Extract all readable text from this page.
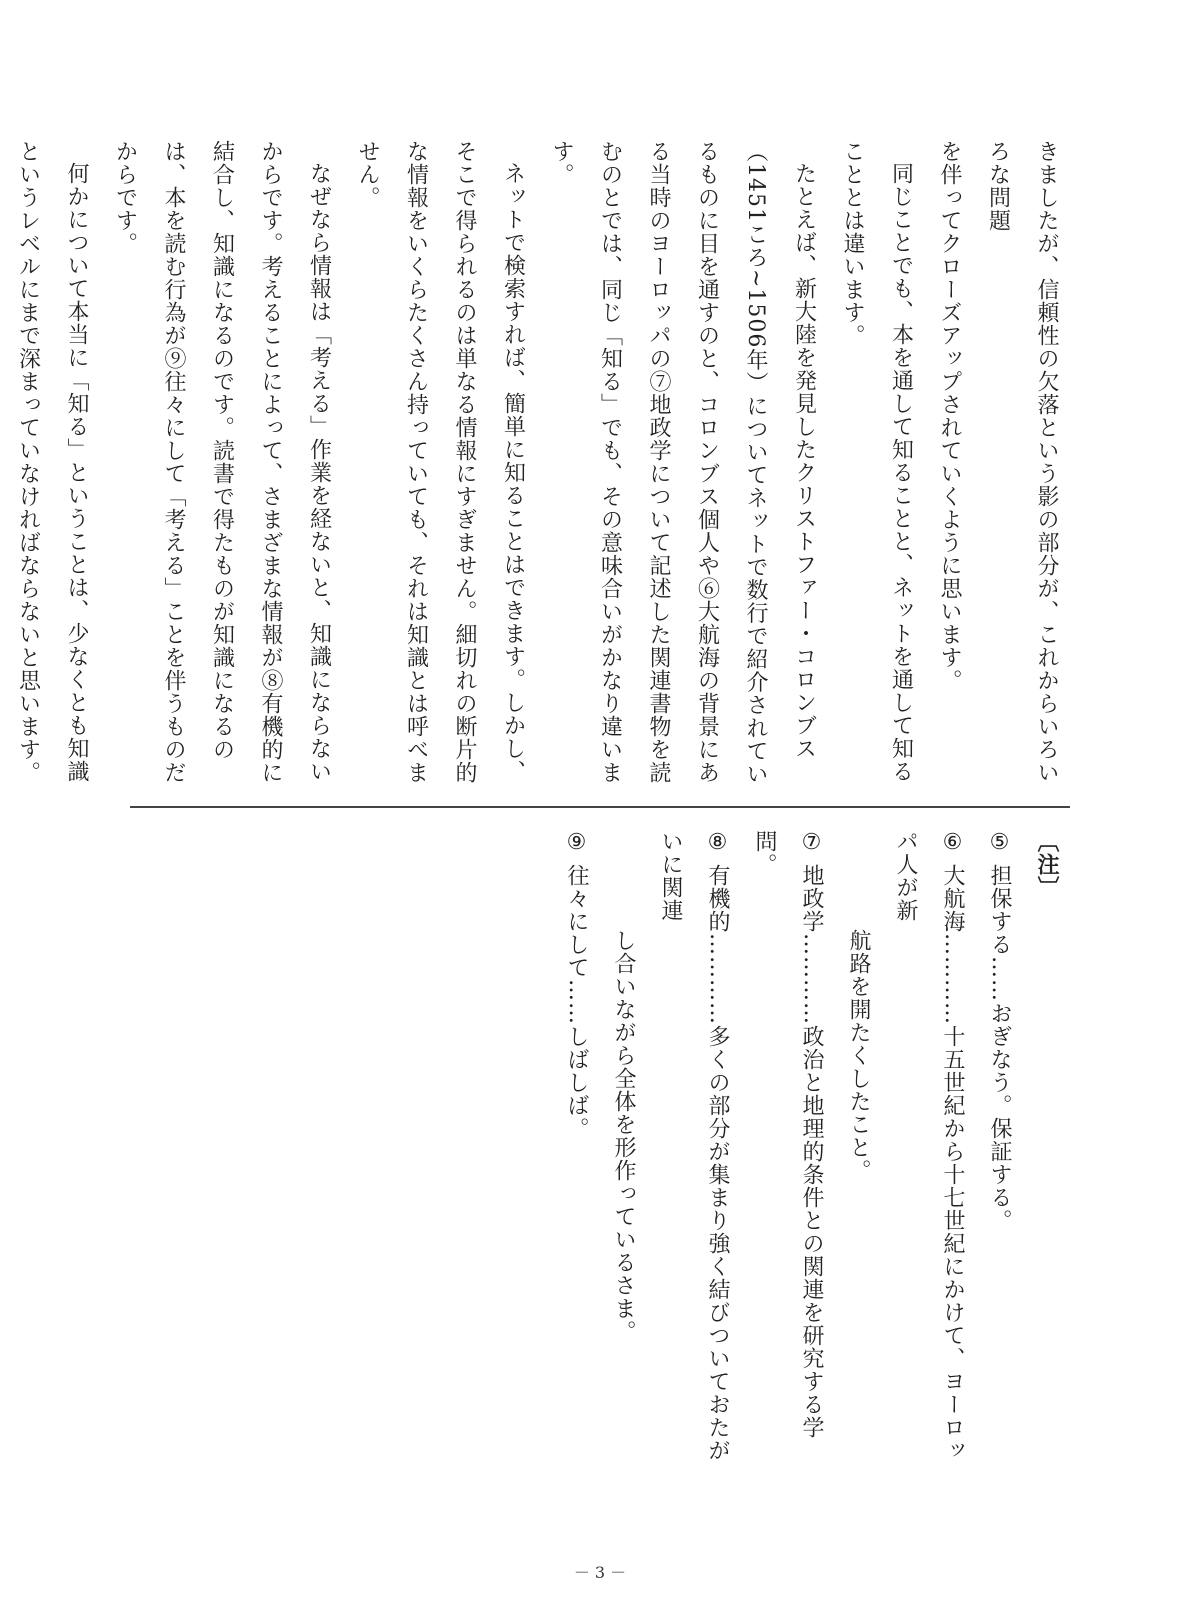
きましたが、信頼性の欠落という影の部分が、これからいろいろな問題

を伴ってクローズアップされていくように思います。

同じことでも、本を通して知ることと、ネットを通して知ることとは違います。

たとえば、新大陸を発見したクリストファー・コロンブス（1451ころ~1506年）についてネットで数行で紹介されているものに目を通すのと、コロンブス個人や⑥大航海の背景にある当時のヨーロッパの⑦地政学について記述した関連書物を読むのとでは、同じ「知る」でも、その意味合いがかなり違います。

ネットで検索すれば、簡単に知ることはできます。しかし、そこで得られるのは単なる情報にすぎません。細切れの断片的な情報をいくらたくさん持っていても、それは知識とは呼べません。

なぜなら情報は「考える」作業を経ないと、知識にならないからです。考えることによって、さまざまな情報が⑧有機的に結合し、知識になるのです。読書で得たものが知識になるのは、本を読む行為が⑨往々にして「考える」ことを伴うものだからです。

何かについて本当に「知る」ということは、少なくとも知識というレベルにまで深まっていなければならないと思います。

〔注〕
⑤ 担保する……おぎなう。保証する。
⑥ 大航海…………十五世紀から十七世紀にかけて、ヨーロッパ人が新
航路を開たくしたこと。
⑦ 地政学…………政治と地理的条件との関連を研究する学問。
⑧ 有機的…………多くの部分が集まり強く結びついておたがいに関連
し合いながら全体を形作っているさま。
⑨ 往々にして……しばしば。
－ 3 －
